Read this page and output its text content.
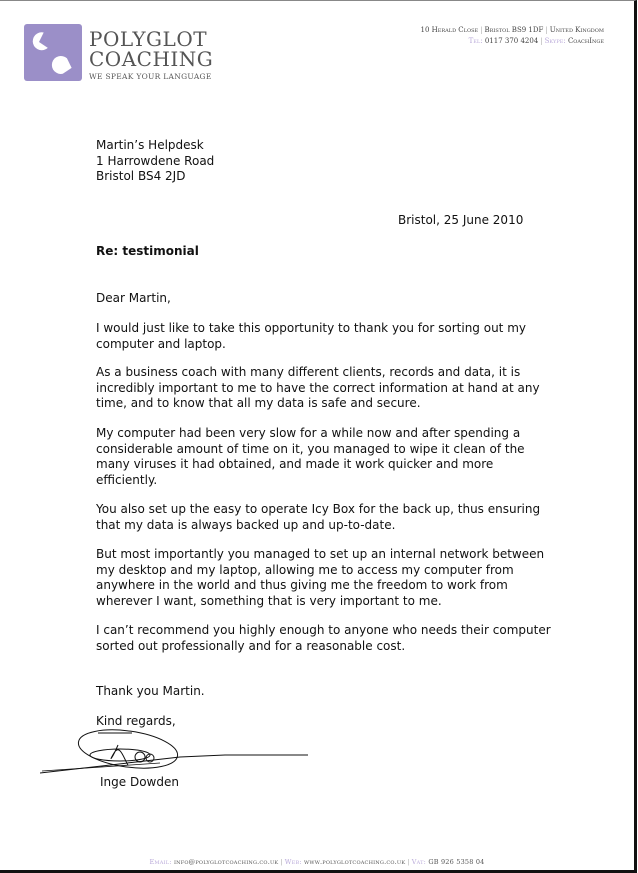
POLYGLOT
COACHING
WE SPEAK YOUR LANGUAGE
10 Herald Close | Bristol BS9 1DF | United Kingdom
Tel: 0117 370 4204 | Skype: CoachInge
Martin’s Helpdesk
1 Harrowdene Road
Bristol BS4 2JD
Bristol, 25 June 2010
Re: testimonial
Dear Martin,
I would just like to take this opportunity to thank you for sorting out my computer and laptop.
As a business coach with many different clients, records and data, it is incredibly important to me to have the correct information at hand at any time, and to know that all my data is safe and secure.
My computer had been very slow for a while now and after spending a considerable amount of time on it, you managed to wipe it clean of the many viruses it had obtained, and made it work quicker and more efficiently.
You also set up the easy to operate Icy Box for the back up, thus ensuring that my data is always backed up and up-to-date.
But most importantly you managed to set up an internal network between my desktop and my laptop, allowing me to access my computer from anywhere in the world and thus giving me the freedom to work from wherever I want, something that is very important to me.
I can’t recommend you highly enough to anyone who needs their computer sorted out professionally and for a reasonable cost.
Thank you Martin.
Kind regards,
Inge Dowden
Email: info@polyglotcoaching.co.uk | Web: www.polyglotcoaching.co.uk | Vat: GB 926 5358 04
